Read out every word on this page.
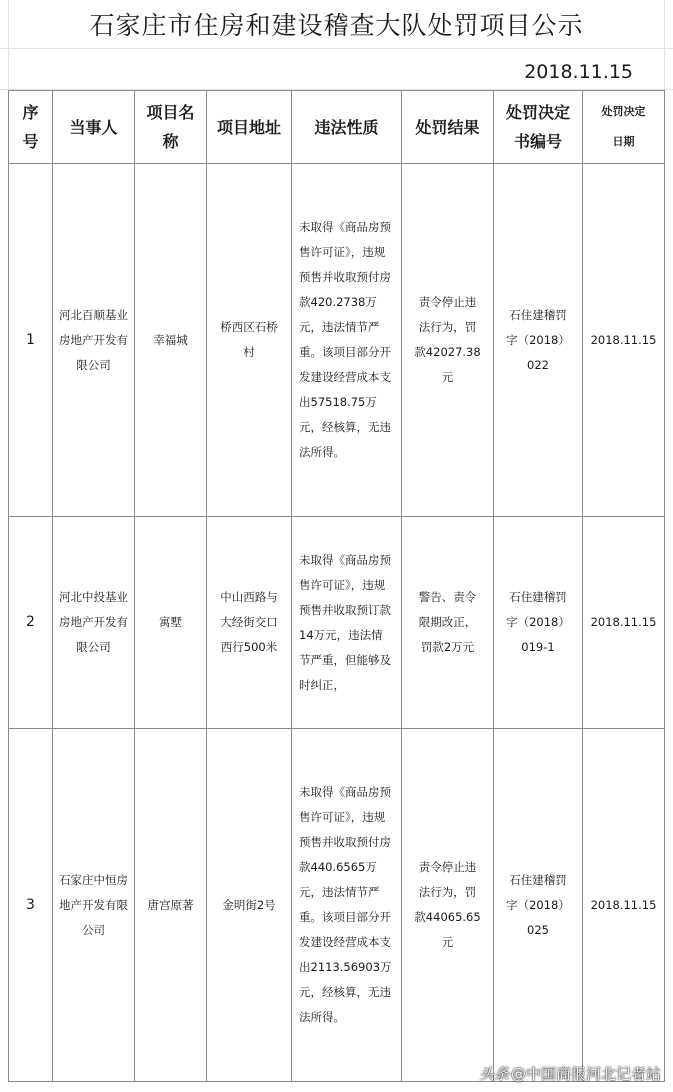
石家庄市住房和建设稽查大队处罚项目公示
2018.11.15
序号	当事人	项目名称	项目地址	违法性质	处罚结果	处罚决定书编号	处罚决定日期

1	河北百顺基业房地产开发有限公司	幸福城	桥西区石桥村	未取得《商品房预售许可证》，违规预售并收取预付房款420.2738万元，违法情节严重。该项目部分开发建设经营成本支出57518.75万元，经核算，无违法所得。	责令停止违法行为，罚款42027.38元	石住建稽罚字（2018）022	2018.11.15
2	河北中投基业房地产开发有限公司	寓墅	中山西路与大经街交口西行500米	未取得《商品房预售许可证》，违规预售并收取预订款14万元，违法情节严重，但能够及时纠正，	警告、责令限期改正，罚款2万元	石住建稽罚字（2018）019-1	2018.11.15
3	石家庄中恒房地产开发有限公司	唐宫原著	金明街2号	未取得《商品房预售许可证》，违规预售并收取预付房款440.6565万元，违法情节严重。该项目部分开发建设经营成本支出2113.56903万元，经核算，无违法所得。	责令停止违法行为，罚款44065.65元	石住建稽罚字（2018）025	2018.11.15
头条 @中国商报河北记者站
